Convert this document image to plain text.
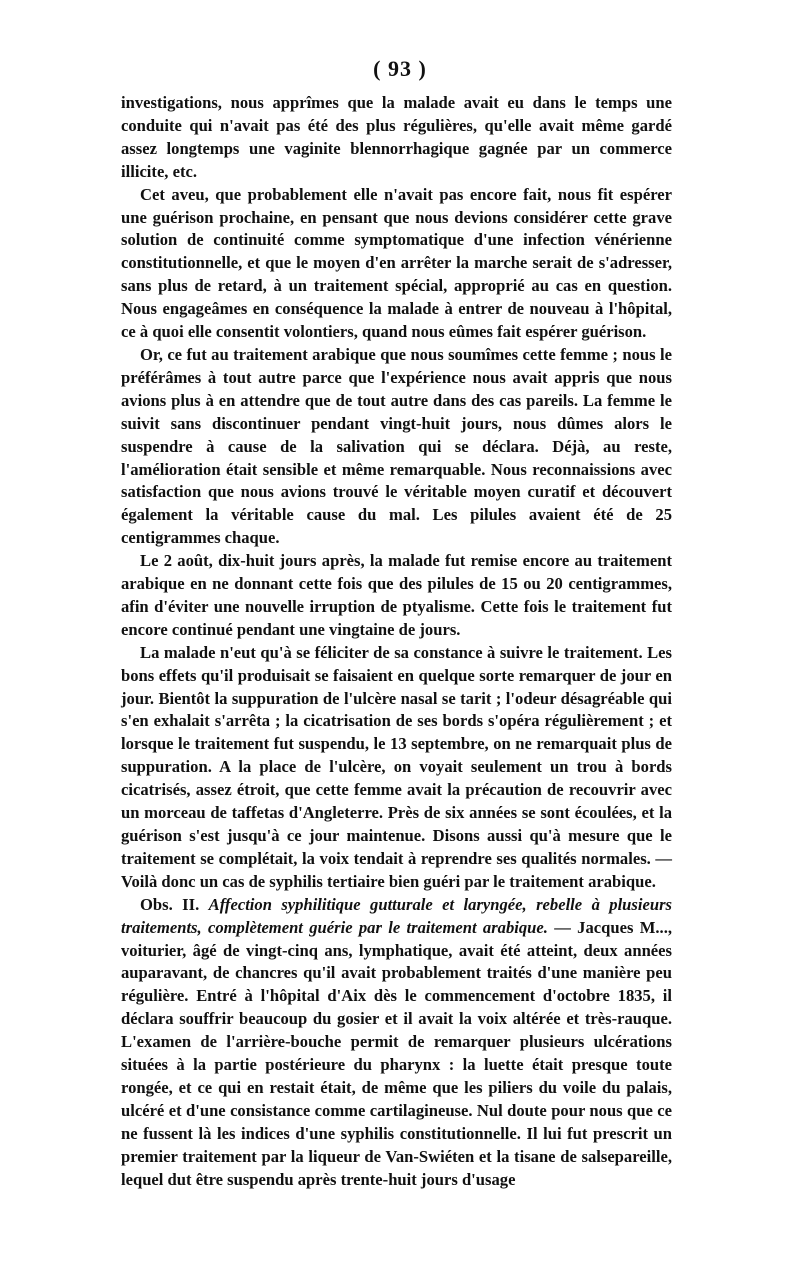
( 93 )

investigations, nous apprîmes que la malade avait eu dans le temps une conduite qui n'avait pas été des plus régulières, qu'elle avait même gardé assez longtemps une vaginite blennorrhagique gagnée par un commerce illicite, etc.

Cet aveu, que probablement elle n'avait pas encore fait, nous fit espérer une guérison prochaine, en pensant que nous devions considérer cette grave solution de continuité comme symptomatique d'une infection vénérienne constitutionnelle, et que le moyen d'en arrêter la marche serait de s'adresser, sans plus de retard, à un traitement spécial, approprié au cas en question. Nous engageâmes en conséquence la malade à entrer de nouveau à l'hôpital, ce à quoi elle consentit volontiers, quand nous eûmes fait espérer guérison.

Or, ce fut au traitement arabique que nous soumîmes cette femme ; nous le préférâmes à tout autre parce que l'expérience nous avait appris que nous avions plus à en attendre que de tout autre dans des cas pareils. La femme le suivit sans discontinuer pendant vingt-huit jours, nous dûmes alors le suspendre à cause de la salivation qui se déclara. Déjà, au reste, l'amélioration était sensible et même remarquable. Nous reconnaissions avec satisfaction que nous avions trouvé le véritable moyen curatif et découvert également la véritable cause du mal. Les pilules avaient été de 25 centigrammes chaque.

Le 2 août, dix-huit jours après, la malade fut remise encore au traitement arabique en ne donnant cette fois que des pilules de 15 ou 20 centigrammes, afin d'éviter une nouvelle irruption de ptyalisme. Cette fois le traitement fut encore continué pendant une vingtaine de jours.

La malade n'eut qu'à se féliciter de sa constance à suivre le traitement. Les bons effets qu'il produisait se faisaient en quelque sorte remarquer de jour en jour. Bientôt la suppuration de l'ulcère nasal se tarit ; l'odeur désagréable qui s'en exhalait s'arrêta ; la cicatrisation de ses bords s'opéra régulièrement ; et lorsque le traitement fut suspendu, le 13 septembre, on ne remarquait plus de suppuration. A la place de l'ulcère, on voyait seulement un trou à bords cicatrisés, assez étroit, que cette femme avait la précaution de recouvrir avec un morceau de taffetas d'Angleterre. Près de six années se sont écoulées, et la guérison s'est jusqu'à ce jour maintenue. Disons aussi qu'à mesure que le traitement se complétait, la voix tendait à reprendre ses qualités normales. — Voilà donc un cas de syphilis tertiaire bien guéri par le traitement arabique.

Obs. II. Affection syphilitique gutturale et laryngée, rebelle à plusieurs traitements, complètement guérie par le traitement arabique. — Jacques M..., voiturier, âgé de vingt-cinq ans, lymphatique, avait été atteint, deux années auparavant, de chancres qu'il avait probablement traités d'une manière peu régulière. Entré à l'hôpital d'Aix dès le commencement d'octobre 1835, il déclara souffrir beaucoup du gosier et il avait la voix altérée et très-rauque. L'examen de l'arrière-bouche permit de remarquer plusieurs ulcérations situées à la partie postérieure du pharynx : la luette était presque toute rongée, et ce qui en restait était, de même que les piliers du voile du palais, ulcéré et d'une consistance comme cartilagineuse. Nul doute pour nous que ce ne fussent là les indices d'une syphilis constitutionnelle. Il lui fut prescrit un premier traitement par la liqueur de Van-Swiéten et la tisane de salsepareille, lequel dut être suspendu après trente-huit jours d'usage
